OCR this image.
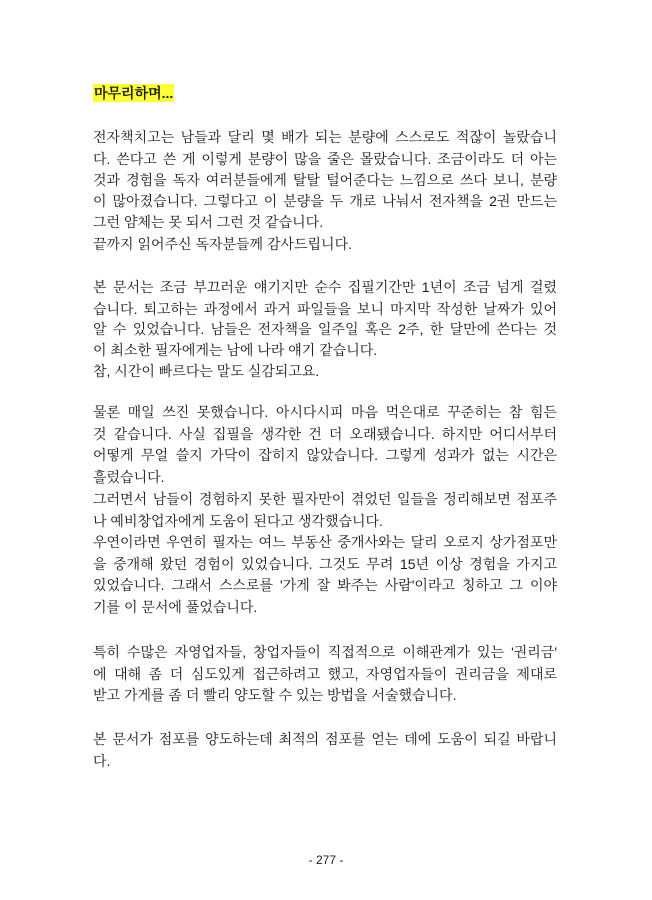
마무리하며...
전자책치고는 남들과 달리 몇 배가 되는 분량에 스스로도 적잖이 놀랐습니
다. 쓴다고 쓴 게 이렇게 분량이 많을 줄은 몰랐습니다. 조금이라도 더 아는
것과 경험을 독자 여러분들에게 탈탈 털어준다는 느낌으로 쓰다 보니, 분량
이 많아졌습니다. 그렇다고 이 분량을 두 개로 나눠서 전자책을 2권 만드는
그런 얌체는 못 되서 그런 것 같습니다.
끝까지 읽어주신 독자분들께 감사드립니다.
본 문서는 조금 부끄러운 얘기지만 순수 집필기간만 1년이 조금 넘게 걸렸
습니다. 퇴고하는 과정에서 과거 파일들을 보니 마지막 작성한 날짜가 있어
알 수 있었습니다. 남들은 전자책을 일주일 혹은 2주, 한 달만에 쓴다는 것
이 최소한 필자에게는 남에 나라 얘기 같습니다.
참, 시간이 빠르다는 말도 실감되고요.
물론 매일 쓰진 못했습니다. 아시다시피 마음 먹은대로 꾸준히는 참 힘든
것 같습니다. 사실 집필을 생각한 건 더 오래됐습니다. 하지만 어디서부터
어떻게 무얼 쓸지 가닥이 잡히지 않았습니다. 그렇게 성과가 없는 시간은
흘렀습니다.
그러면서 남들이 경험하지 못한 필자만이 겪었던 일들을 정리해보면 점포주
나 예비창업자에게 도움이 된다고 생각했습니다.
우연이라면 우연히 필자는 여느 부동산 중개사와는 달리 오로지 상가점포만
을 중개해 왔던 경험이 있었습니다. 그것도 무려 15년 이상 경험을 가지고
있었습니다. 그래서 스스로를 '가게 잘 봐주는 사람'이라고 칭하고 그 이야
기를 이 문서에 풀었습니다.
특히 수많은 자영업자들, 창업자들이 직접적으로 이해관계가 있는 '권리금'
에 대해 좀 더 심도있게 접근하려고 했고, 자영업자들이 권리금을 제대로
받고 가게를 좀 더 빨리 양도할 수 있는 방법을 서술했습니다.
본 문서가 점포를 양도하는데 최적의 점포를 얻는 데에 도움이 되길 바랍니
다.
- 277 -
